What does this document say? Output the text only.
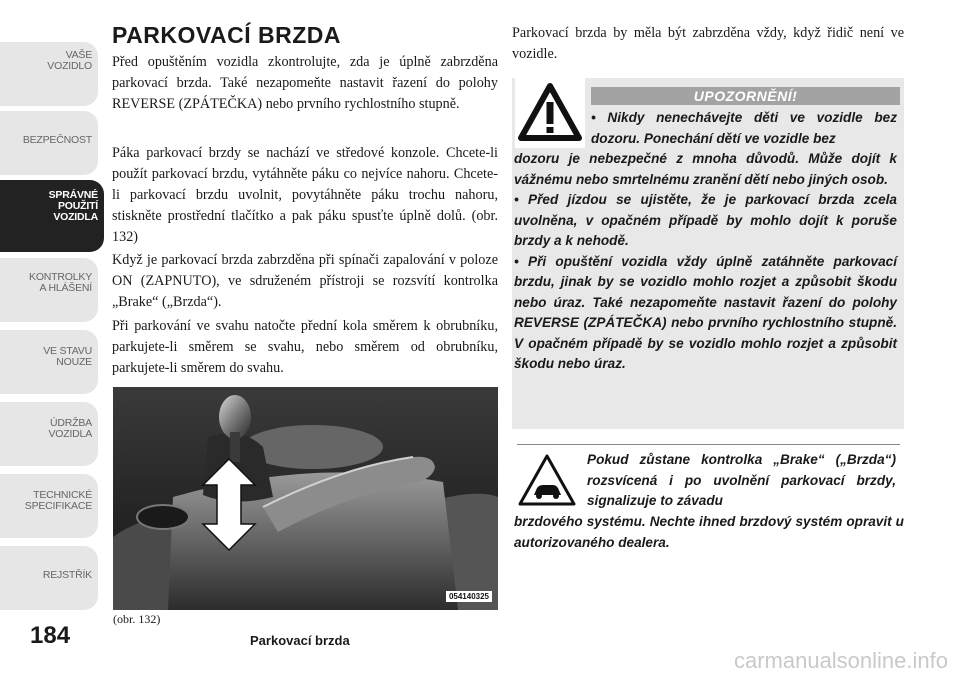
VAŠE
VOZIDLO
BEZPEČNOST
SPRÁVNÉ
POUŽITÍ
VOZIDLA
KONTROLKY
A HLÁŠENÍ
VE STAVU
NOUZE
ÚDRŽBA
VOZIDLA
TECHNICKÉ
SPECIFIKACE
REJSTŘÍK
PARKOVACÍ BRZDA

Před opuštěním vozidla zkontrolujte, zda je úplně zabrzděna parkovací brzda. Také nezapomeňte nastavit řazení do polohy REVERSE (ZPÁTEČKA) nebo prvního rychlostního stupně.

Páka parkovací brzdy se nachází ve středové konzole. Chcete-li použít parkovací brzdu, vytáhněte páku co nejvíce nahoru. Chcete-li parkovací brzdu uvolnit, povytáhněte páku trochu nahoru, stiskněte prostřední tlačítko a pak páku spusťte úplně dolů. (obr. 132)

Když je parkovací brzda zabrzděna při spínači zapalování v poloze ON (ZAPNUTO), ve sdruženém přístroji se rozsvítí kontrolka „Brake“ („Brzda“).

Při parkování ve svahu natočte přední kola směrem k obrubníku, parkujete-li směrem se svahu, nebo směrem od obrubníku, parkujete-li směrem do svahu.

054140325
(obr. 132)

Parkovací brzda by měla být zabrzděna vždy, když řidič není ve vozidle.

UPOZORNĚNÍ!

• Nikdy nenechávejte děti ve vozidle bez dozoru. Ponechání dětí ve vozidle bez

dozoru je nebezpečné z mnoha důvodů. Může dojít k vážnému nebo smrtelnému zranění dětí nebo jiných osob.
• Před jízdou se ujistěte, že je parkovací brzda zcela uvolněna, v opačném případě by mohlo dojít k poruše brzdy a k nehodě.
• Při opuštění vozidla vždy úplně zatáhněte parkovací brzdu, jinak by se vozidlo mohlo rozjet a způsobit škodu nebo úraz. Také nezapomeňte nastavit řazení do polohy REVERSE (ZPÁTEČKA) nebo prvního rychlostního stupně. V opačném případě by se vozidlo mohlo rozjet a způsobit škodu nebo úraz.

Pokud zůstane kontrolka „Brake“ („Brzda“) rozsvícená i po uvolnění parkovací brzdy, signalizuje to závadu

brzdového systému. Nechte ihned brzdový systém opravit u autorizovaného dealera.

184	Parkovací brzda
carmanualsonline.info
